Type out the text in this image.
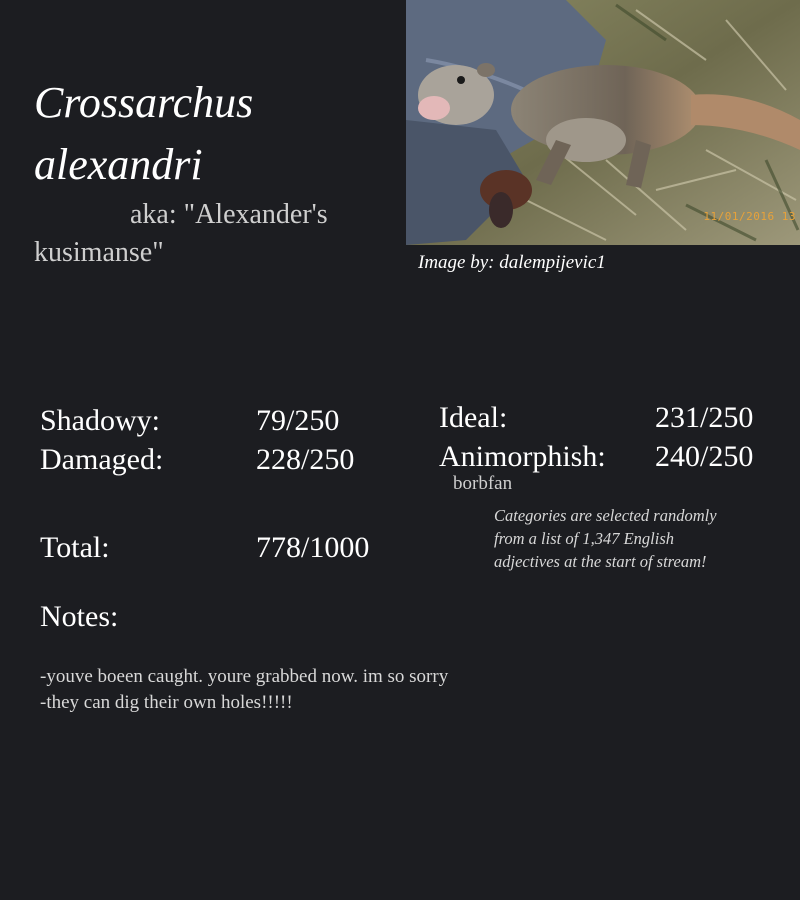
Crossarchus alexandri
aka: "Alexander's kusimanse"
11/01/2016 13
Image by: dalempijevic1
Shadowy:	79/250
Damaged:	228/250
Ideal:	231/250
Animorphish: 240/250
borbfan
Categories are selected randomly from a list of 1,347 English adjectives at the start of stream!
Total:	778/1000
Notes:
-youve boeen caught. youre grabbed now. im so sorry
-they can dig their own holes!!!!!
